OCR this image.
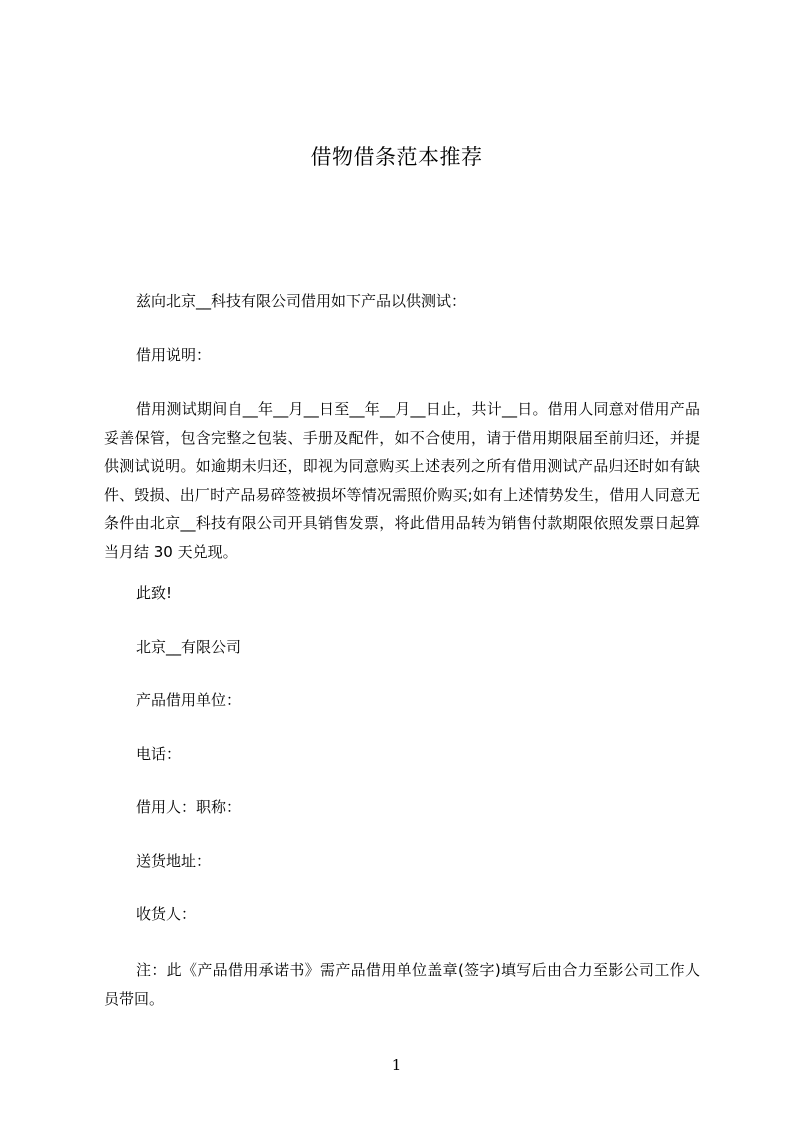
借物借条范本推荐
兹向北京__科技有限公司借用如下产品以供测试：
借用说明：
借用测试期间自__年__月__日至__年__月__日止，共计__日。借用人同意对借用产品妥善保管，包含完整之包装、手册及配件，如不合使用，请于借用期限届至前归还，并提供测试说明。如逾期未归还，即视为同意购买上述表列之所有借用测试产品归还时如有缺件、毁损、出厂时产品易碎签被损坏等情况需照价购买;如有上述情势发生，借用人同意无条件由北京__科技有限公司开具销售发票，将此借用品转为销售付款期限依照发票日起算当月结 30 天兑现。
此致!
北京__有限公司
产品借用单位：
电话：
借用人：职称：
送货地址：
收货人：
注：此《产品借用承诺书》需产品借用单位盖章(签字)填写后由合力至影公司工作人员带回。
1
